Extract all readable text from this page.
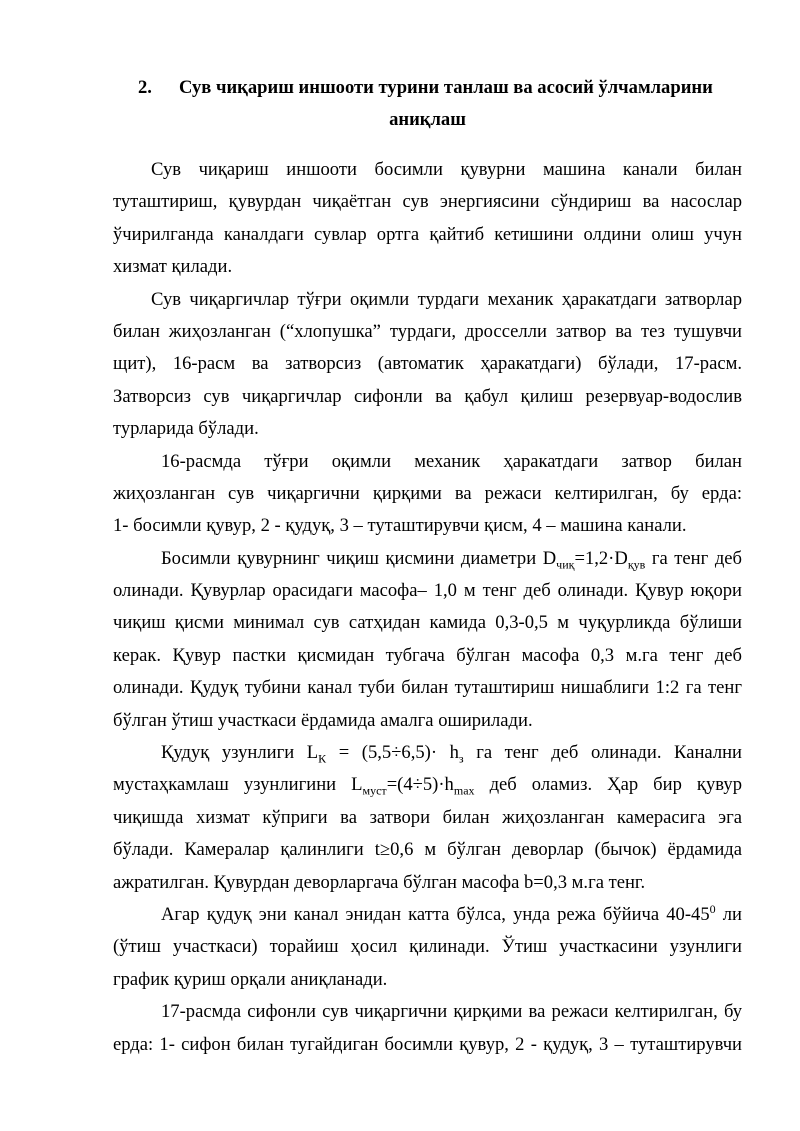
2.	Сув чиқариш иншооти турини танлаш ва асосий ўлчамларини
аниқлаш
Сув чиқариш иншооти босимли қувурни машина канали билан
туташтириш, қувурдан чиқаётган сув энергиясини сўндириш ва насослар
ўчирилганда каналдаги сувлар ортга қайтиб кетишини олдини олиш учун
хизмат қилади.
Сув чиқаргичлар тўғри оқимли турдаги механик ҳаракатдаги затворлар
билан жиҳозланган (“хлопушка” турдаги, дросселли затвор ва тез тушувчи
щит), 16-расм ва затворсиз (автоматик ҳаракатдаги) бўлади, 17-расм.
Затворсиз сув чиқаргичлар сифонли ва қабул қилиш резервуар-водослив
турларида бўлади.
16-расмда тўғри оқимли механик ҳаракатдаги затвор билан
жиҳозланган сув чиқаргични қирқими ва режаси келтирилган, бу ерда:
1- босимли қувур, 2 - қудуқ, 3 – туташтирувчи қисм, 4 – машина канали.
Босимли қувурнинг чиқиш қисмини диаметри $D_{чиқ}=1,2\cdot D_{қув}$ га тенг деб
олинади. Қувурлар орасидаги масофа– 1,0 м тенг деб олинади. Қувур юқори
чиқиш қисми минимал сув сатҳидан камида 0,3-0,5 м чуқурликда бўлиши
керак. Қувур пастки қисмидан тубгача бўлган масофа 0,3 м.га тенг деб
олинади. Қудуқ тубини канал туби билан туташтириш нишаблиги 1:2 га тенг
бўлган ўтиш участкаси ёрдамида амалга оширилади.
Қудуқ узунлиги $L_К = (5,5\div 6,5)\cdot h_з$ га тенг деб олинади. Канални
мустаҳкамлаш узунлигини $L_{муст}=(4\div 5)\cdot h_{max}$ деб оламиз. Ҳар бир қувур
чиқишда хизмат кўприги ва затвори билан жиҳозланган камерасига эга
бўлади. Камералар қалинлиги t≥0,6 м бўлган деворлар (бычок) ёрдамида
ажратилган. Қувурдан деворларгача бўлган масофа b=0,3 м.га тенг.
Агар қудуқ эни канал энидан катта бўлса, унда режа бўйича $40-45^0$ ли
(ўтиш участкаси) торайиш ҳосил қилинади. Ўтиш участкасини узунлиги
график қуриш орқали аниқланади.
17-расмда сифонли сув чиқаргични қирқими ва режаси келтирилган, бу
ерда: 1- сифон билан тугайдиган босимли қувур, 2 - қудуқ, 3 – туташтирувчи
